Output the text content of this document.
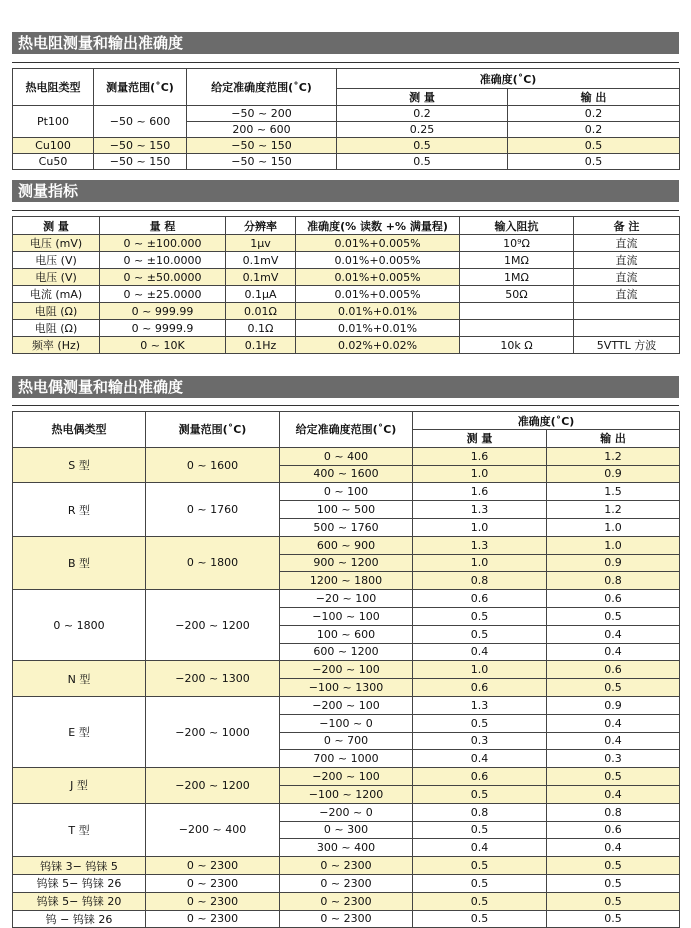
热电阻测量和输出准确度
热电阻类型	测量范围(˚C)	给定准确度范围(˚C)	准确度(˚C)	
			测 量	输 出
Pt100	−50 ~ 600	−50 ~ 200	0.2	0.2
		200 ~ 600	0.25	0.2
Cu100	−50 ~ 150	−50 ~ 150	0.5	0.5
Cu50	−50 ~ 150	−50 ~ 150	0.5	0.5
测量指标
测 量	量 程	分辨率	准确度(% 读数 +% 满量程)	输入阻抗	备 注
电压 (mV)	0 ~ ±100.000	1μv	0.01%+0.005%	10⁹Ω	直流
电压 (V)	0 ~ ±10.0000	0.1mV	0.01%+0.005%	1MΩ	直流
电压 (V)	0 ~ ±50.0000	0.1mV	0.01%+0.005%	1MΩ	直流
电流 (mA)	0 ~ ±25.0000	0.1μA	0.01%+0.005%	50Ω	直流
电阻 (Ω)	0 ~ 999.99	0.01Ω	0.01%+0.01%		
电阻 (Ω)	0 ~ 9999.9	0.1Ω	0.01%+0.01%		
频率 (Hz)	0 ~ 10K	0.1Hz	0.02%+0.02%	10k Ω	5VTTL 方波
热电偶测量和输出准确度
热电偶类型	测量范围(˚C)	给定准确度范围(˚C)	准确度(˚C)	
			测 量	输 出
S 型	0 ~ 1600	0 ~ 400	1.6	1.2
		400 ~ 1600	1.0	0.9
R 型	0 ~ 1760	0 ~ 100	1.6	1.5
		100 ~ 500	1.3	1.2
		500 ~ 1760	1.0	1.0
B 型	0 ~ 1800	600 ~ 900	1.3	1.0
		900 ~ 1200	1.0	0.9
		1200 ~ 1800	0.8	0.8
0 ~ 1800	−200 ~ 1200	−20 ~ 100	0.6	0.6
		−100 ~ 100	0.5	0.5
		100 ~ 600	0.5	0.4
		600 ~ 1200	0.4	0.4
N 型	−200 ~ 1300	−200 ~ 100	1.0	0.6
		−100 ~ 1300	0.6	0.5
E 型	−200 ~ 1000	−200 ~ 100	1.3	0.9
		−100 ~ 0	0.5	0.4
		0 ~ 700	0.3	0.4
		700 ~ 1000	0.4	0.3
J 型	−200 ~ 1200	−200 ~ 100	0.6	0.5
		−100 ~ 1200	0.5	0.4
T 型	−200 ~ 400	−200 ~ 0	0.8	0.8
		0 ~ 300	0.5	0.6
		300 ~ 400	0.4	0.4
钨铼 3− 钨铼 5	0 ~ 2300	0 ~ 2300	0.5	0.5
钨铼 5− 钨铼 26	0 ~ 2300	0 ~ 2300	0.5	0.5
钨铼 5− 钨铼 20	0 ~ 2300	0 ~ 2300	0.5	0.5
钨 − 钨铼 26	0 ~ 2300	0 ~ 2300	0.5	0.5
